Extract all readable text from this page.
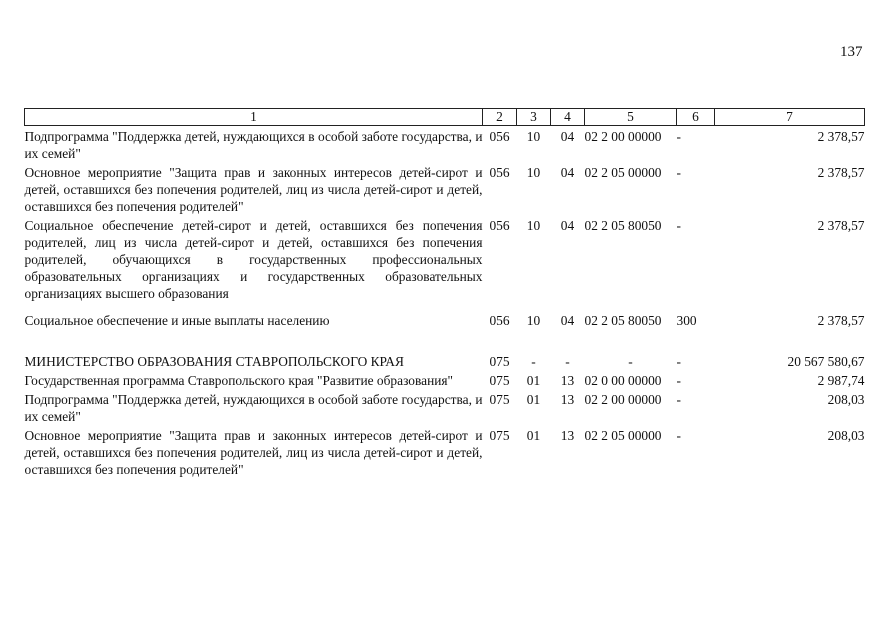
137
1	2	3	4	5	6	7
Подпрограмма "Поддержка детей, нуждающихся в особой заботе государства, и их семей"	056	10	04	02 2 00 00000	-	2 378,57
Основное мероприятие "Защита прав и законных интересов детей-сирот и детей, оставшихся без попечения родителей, лиц из числа детей-сирот и детей, оставшихся без попечения родителей"	056	10	04	02 2 05 00000	-	2 378,57
Социальное обеспечение детей-сирот и детей, оставшихся без попечения родителей, лиц из числа детей-сирот и детей, оставшихся без попечения родителей, обучающихся в государственных профессиональных образовательных организациях и государственных образовательных организациях высшего образования	056	10	04	02 2 05 80050	-	2 378,57
Социальное обеспечение и иные выплаты населению	056	10	04	02 2 05 80050	300	2 378,57
МИНИСТЕРСТВО ОБРАЗОВАНИЯ СТАВРОПОЛЬСКОГО КРАЯ	075	-	-	-	-	20 567 580,67
Государственная программа Ставропольского края "Развитие образования"	075	01	13	02 0 00 00000	-	2 987,74
Подпрограмма "Поддержка детей, нуждающихся в особой заботе государства, и их семей"	075	01	13	02 2 00 00000	-	208,03
Основное мероприятие "Защита прав и законных интересов детей-сирот и детей, оставшихся без попечения родителей, лиц из числа детей-сирот и детей, оставшихся без попечения родителей"	075	01	13	02 2 05 00000	-	208,03
